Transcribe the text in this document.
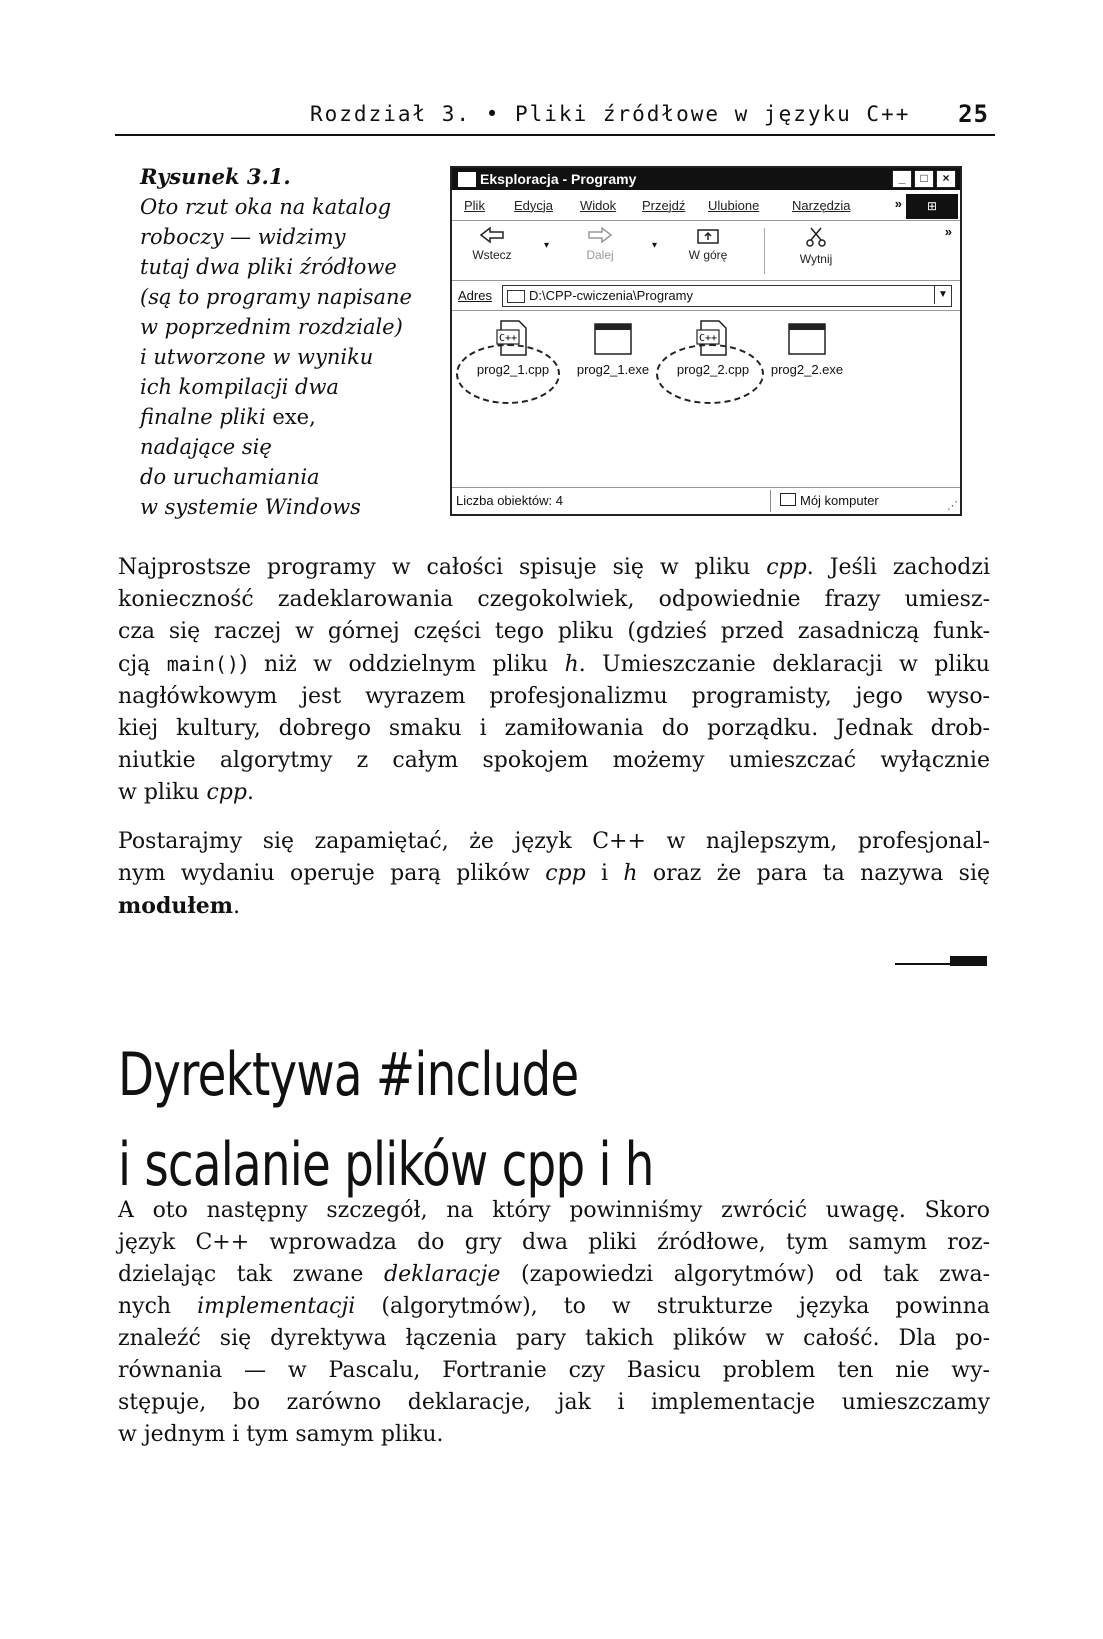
Rozdział 3. • Pliki źródłowe w języku C++ 25
Rysunek 3.1.
Oto rzut oka na katalog
roboczy — widzimy
tutaj dwa pliki źródłowe
(są to programy napisane
w poprzednim rozdziale)
i utworzone w wyniku
ich kompilacji dwa
finalne pliki exe,
nadające się
do uruchamiania
w systemie Windows
Eksploracja - Programy	_	□	×
Plik Edycja Widok Przejdź Ulubione	Narzędzia	»	⊞
Wstecz
▾
Dalej
▾
W górę	Wytnij
»
Adres	D:\CPP-cwiczenia\Programy	▼
C++
prog2_1.cpp	prog2_1.exe
C++
prog2_2.cpp	prog2_2.exe
Liczba obiektów: 4	Mój komputer	⋰
Najprostsze programy w całości spisuje się w pliku cpp. Jeśli zachodzi
konieczność zadeklarowania czegokolwiek, odpowiednie frazy umiesz-
cza się raczej w górnej części tego pliku (gdzieś przed zasadniczą funk-
cją main()) niż w oddzielnym pliku h. Umieszczanie deklaracji w pliku
nagłówkowym jest wyrazem profesjonalizmu programisty, jego wyso-
kiej kultury, dobrego smaku i zamiłowania do porządku. Jednak drob-
niutkie algorytmy z całym spokojem możemy umieszczać wyłącznie
w pliku cpp.
Postarajmy się zapamiętać, że język C++ w najlepszym, profesjonal-
nym wydaniu operuje parą plików cpp i h oraz że para ta nazywa się
modułem.
Dyrektywa #include
i scalanie plików cpp i h
A oto następny szczegół, na który powinniśmy zwrócić uwagę. Skoro
język C++ wprowadza do gry dwa pliki źródłowe, tym samym roz-
dzielając tak zwane deklaracje (zapowiedzi algorytmów) od tak zwa-
nych implementacji (algorytmów), to w strukturze języka powinna
znaleźć się dyrektywa łączenia pary takich plików w całość. Dla po-
równania — w Pascalu, Fortranie czy Basicu problem ten nie wy-
stępuje, bo zarówno deklaracje, jak i implementacje umieszczamy
w jednym i tym samym pliku.
